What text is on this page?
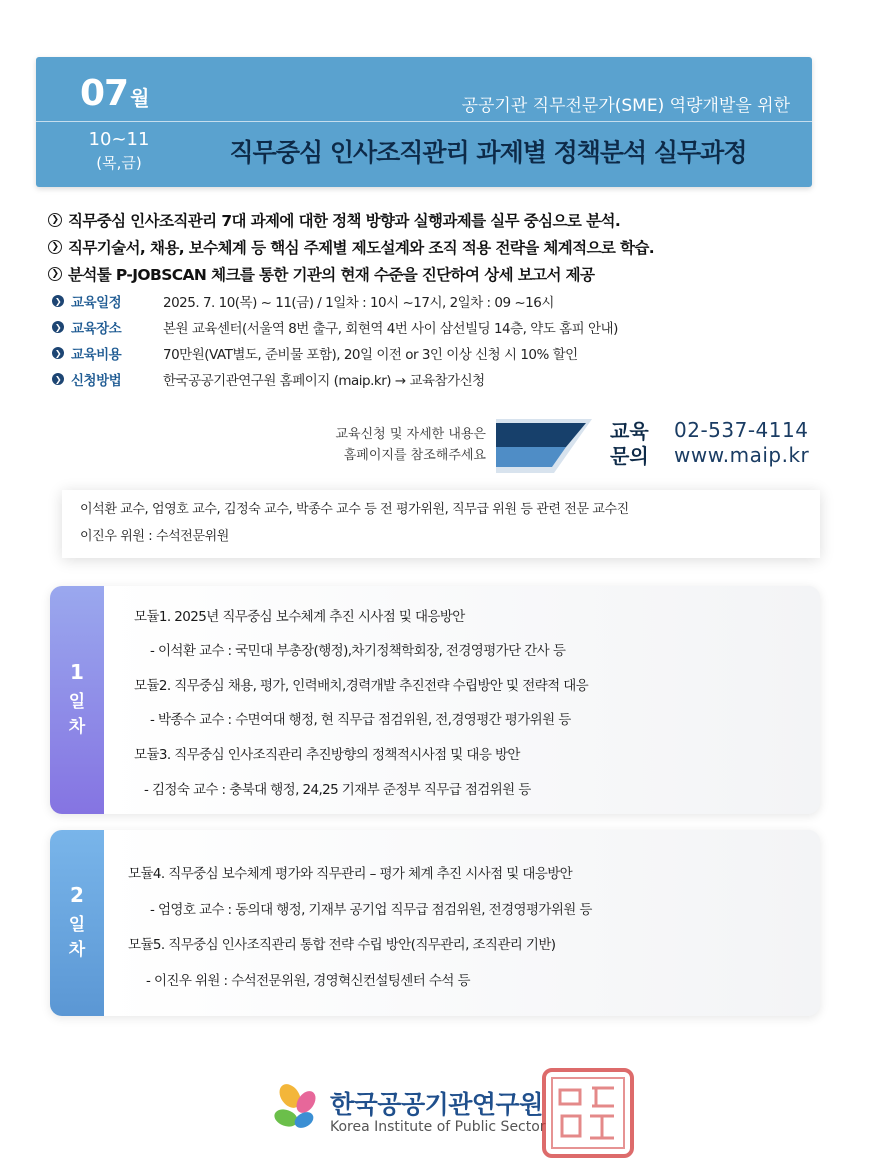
07 월
10~11
(목,금)
공공기관 직무전문가(SME) 역량개발을 위한
직무중심 인사조직관리 과제별 정책분석 실무과정
❯ 직무중심 인사조직관리 7대 과제에 대한 정책 방향과 실행과제를 실무 중심으로 분석.
❯ 직무기술서, 채용, 보수체계 등 핵심 주제별 제도설계와 조직 적용 전략을 체계적으로 학습.
❯ 분석툴 P-JOBSCAN 체크를 통한 기관의 현재 수준을 진단하여 상세 보고서 제공
❯ 교육일정	2025. 7. 10(목) ~ 11(금) / 1일차 : 10시 ~17시, 2일차 : 09 ~16시
❯ 교육장소	본원 교육센터(서울역 8번 출구, 회현역 4번 사이 삼선빌딩 14층, 약도 홈피 안내)
❯ 교육비용	70만원(VAT별도, 준비물 포함), 20일 이전 or 3인 이상 신청 시 10% 할인
❯ 신청방법	한국공공기관연구원 홈페이지 (maip.kr) → 교육참가신청
교육신청 및 자세한 내용은
홈페이지를 참조해주세요
교육
문의
02-537-4114
www.maip.kr
이석환 교수, 엄영호 교수, 김정숙 교수, 박종수 교수 등 전 평가위원, 직무급 위원 등 관련 전문 교수진
이진우 위원 : 수석전문위원
1
일
차
모듈1. 2025년 직무중심 보수체계 추진 시사점 및 대응방안
- 이석환 교수 : 국민대 부총장(행정),차기정책학회장, 전경영평가단 간사 등
모듈2. 직무중심 채용, 평가, 인력배치,경력개발 추진전략 수립방안 및 전략적 대응
- 박종수 교수 : 수면여대 행정, 현 직무급 점검위원, 전,경영평간 평가위원 등
모듈3. 직무중심 인사조직관리 추진방향의 정책적시사점 및 대응 방안
- 김정숙 교수 : 충북대 행정, 24,25 기재부 준정부 직무급 점검위원 등
2
일
차
모듈4. 직무중심 보수체계 평가와 직무관리 – 평가 체계 추진 시사점 및 대응방안
- 엄영호 교수 : 동의대 행정, 기재부 공기업 직무급 점검위원, 전경영평가위원 등
모듈5. 직무중심 인사조직관리 통합 전략 수립 방안(직무관리, 조직관리 기반)
- 이진우 위원 : 수석전문위원, 경영혁신컨설팅센터 수석 등
한국공공기관연구원
Korea Institute of Public Sector
